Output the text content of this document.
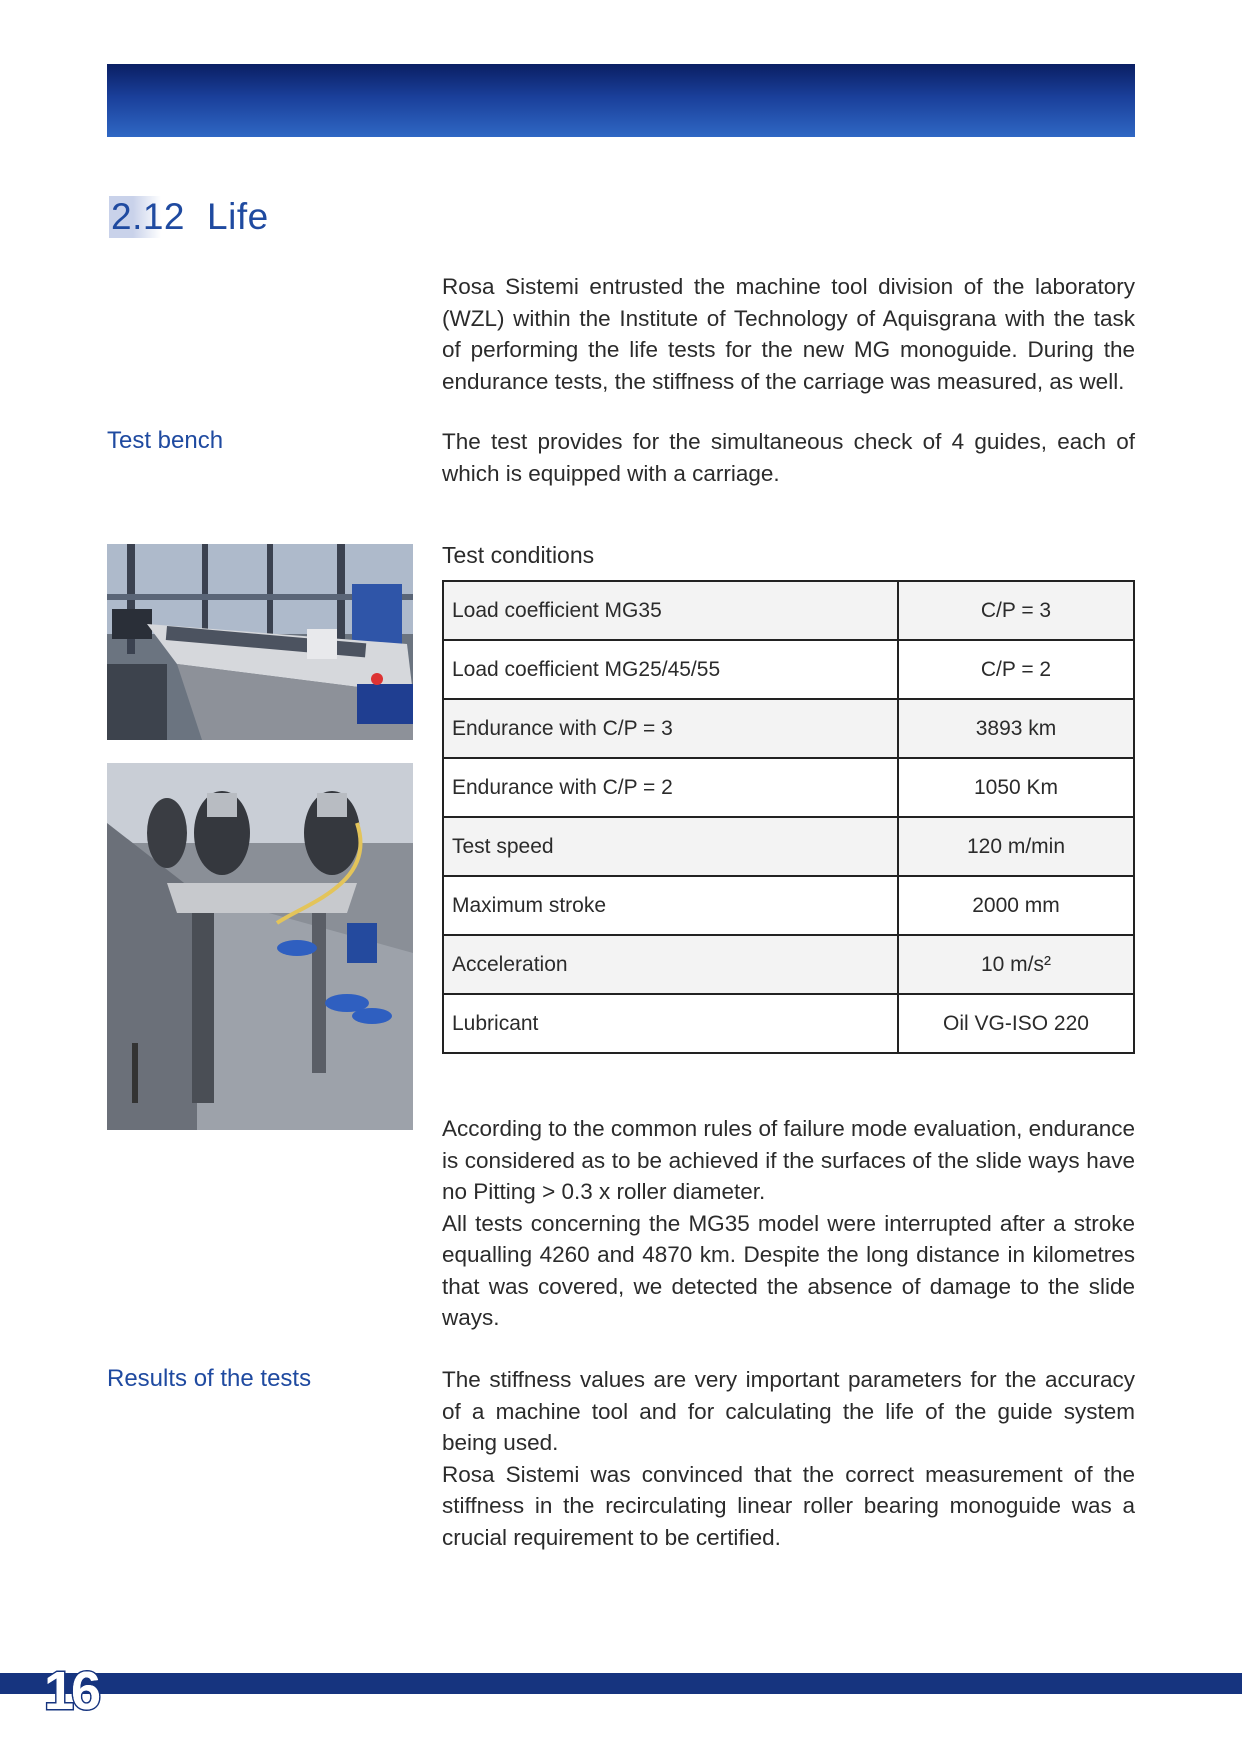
2.12 Life

Rosa Sistemi entrusted the machine tool division of the laboratory (WZL) within the Institute of Technology of Aquisgrana with the task of performing the life tests for the new MG monoguide. During the endurance tests, the stiffness of the carriage was measured, as well.

Test bench	The test provides for the simultaneous check of 4 guides, each of which is equipped with a carriage.

Test conditions
Load coefficient MG35	C/P = 3
Load coefficient MG25/45/55	C/P = 2
Endurance with C/P = 3	3893 km
Endurance with C/P = 2	1050 Km
Test speed	120 m/min
Maximum stroke	2000 mm
Acceleration	10 m/s²
Lubricant	Oil VG-ISO 220

According to the common rules of failure mode evaluation, endurance is considered as to be achieved if the surfaces of the slide ways have no Pitting > 0.3 x roller diameter.

All tests concerning the MG35 model were interrupted after a stroke equalling 4260 and 4870 km. Despite the long distance in kilometres that was covered, we detected the absence of damage to the slide ways.

Results of the tests	The stiffness values are very important parameters for the accuracy of a machine tool and for calculating the life of the guide system being used.

Rosa Sistemi was convinced that the correct measurement of the stiffness in the recirculating linear roller bearing monoguide was a crucial requirement to be certified.

16
